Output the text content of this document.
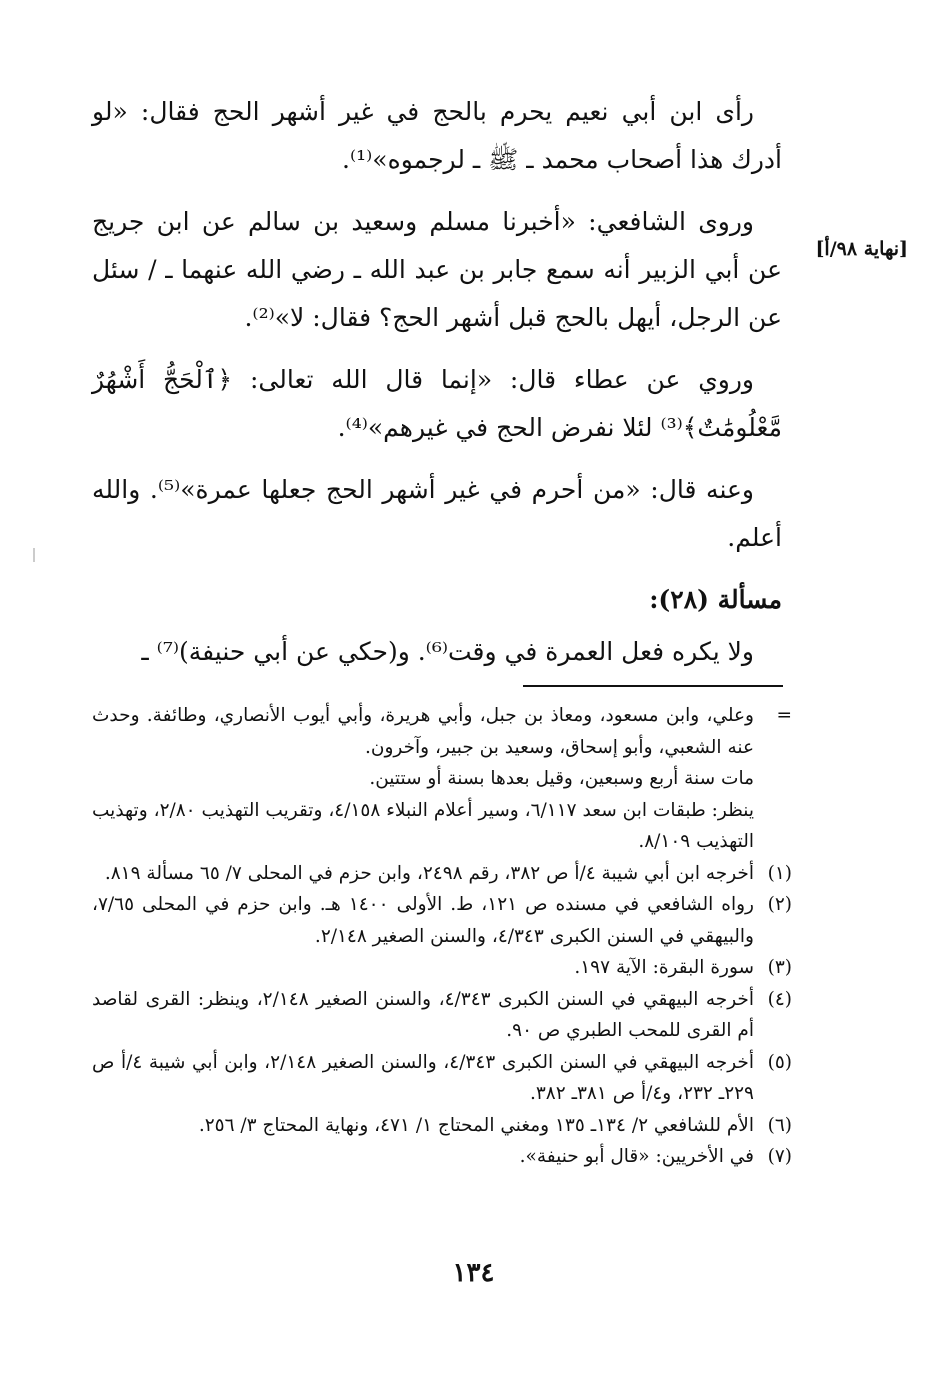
[نهاية ٩٨/أ]

رأى ابن أبي نعيم يحرم بالحج في غير أشهر الحج فقال: «لو أدرك هذا أصحاب محمد ـ ﷺ ـ لرجموه»⁽¹⁾.

وروى الشافعي: «أخبرنا مسلم وسعيد بن سالم عن ابن جريج عن أبي الزبير أنه سمع جابر بن عبد الله ـ رضي الله عنهما ـ / سئل عن الرجل، أيهل بالحج قبل أشهر الحج؟ فقال: لا»⁽²⁾.

وروي عن عطاء قال: «إنما قال الله تعالى: ﴿ٱلْحَجُّ أَشْهُرٌ مَّعْلُومَٰتٌ﴾⁽³⁾ لئلا نفرض الحج في غيرهم»⁽⁴⁾.

وعنه قال: «من أحرم في غير أشهر الحج جعلها عمرة»⁽⁵⁾. والله أعلم.

مسألة (٢٨):

ولا يكره فعل العمرة في وقت⁽⁶⁾. و(حكي عن أبي حنيفة)⁽⁷⁾ ـ

=
وعلي، وابن مسعود، ومعاذ بن جبل، وأبي هريرة، وأبي أيوب الأنصاري، وطائفة. وحدث عنه الشعبي، وأبو إسحاق، وسعيد بن جبير، وآخرون.
مات سنة أربع وسبعين، وقيل بعدها بسنة أو ستتين.
ينظر: طبقات ابن سعد ٦/١١٧، وسير أعلام النبلاء ٤/١٥٨، وتقريب التهذيب ٢/٨٠، وتهذيب التهذيب ٨/١٠٩.
(١)
أخرجه ابن أبي شيبة ٤/أ ص ٣٨٢، رقم ٢٤٩٨، وابن حزم في المحلى ٧/ ٦٥ مسألة ٨١٩.
(٢)
رواه الشافعي في مسنده ص ١٢١، ط. الأولى ١٤٠٠ هـ. وابن حزم في المحلى ٧/٦٥، والبيهقي في السنن الكبرى ٤/٣٤٣، والسنن الصغير ٢/١٤٨.
(٣)
سورة البقرة: الآية ١٩٧.
(٤)
أخرجه البيهقي في السنن الكبرى ٤/٣٤٣، والسنن الصغير ٢/١٤٨، وينظر: القرى لقاصد أم القرى للمحب الطبري ص ٩٠.
(٥)
أخرجه البيهقي في السنن الكبرى ٤/٣٤٣، والسنن الصغير ٢/١٤٨، وابن أبي شيبة ٤/أ ص ٢٢٩ـ ٢٣٢، و٤/أ ص ٣٨١ـ ٣٨٢.
(٦)
الأم للشافعي ٢/ ١٣٤ـ ١٣٥ ومغني المحتاج ١/ ٤٧١، ونهاية المحتاج ٣/ ٢٥٦.
(٧)
في الأخريين: «قال أبو حنيفة».
١٣٤
